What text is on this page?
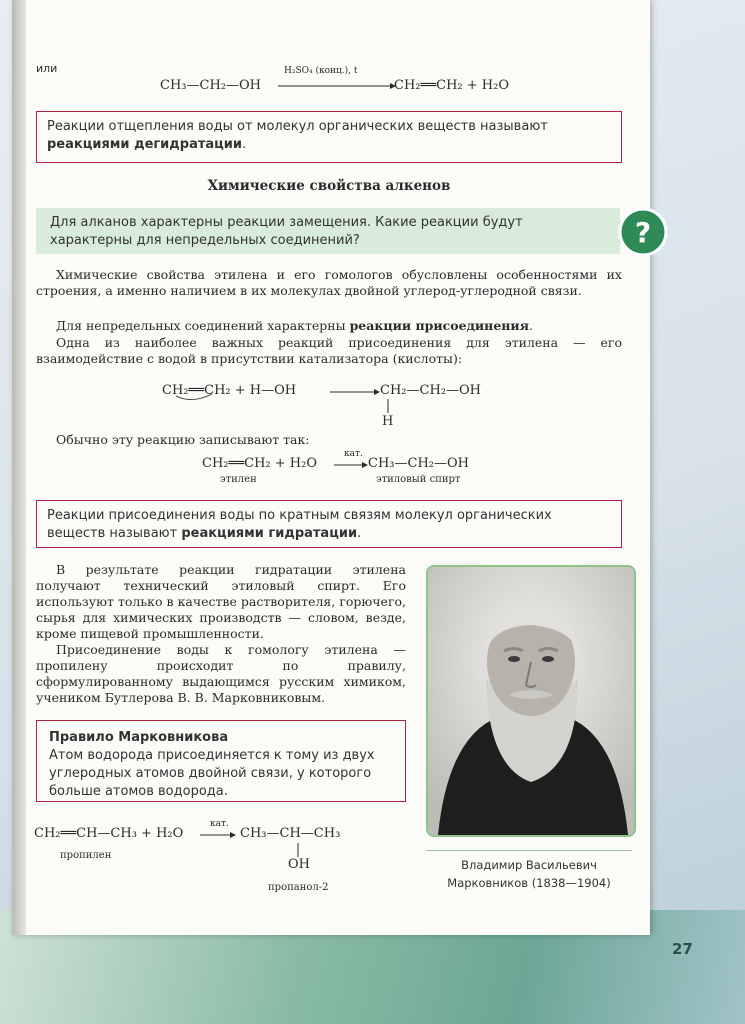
или
CH₃—CH₂—OH
H₂SO₄ (конц.), t
CH₂══CH₂ + H₂O
Реакции отщепления воды от молекул органических веществ называют реакциями дегидратации.
Химические свойства алкенов
Для алканов характерны реакции замещения. Какие реакции будут характерны для непредельных соединений?	?
Химические свойства этилена и его гомологов обусловлены особенностями их строения, а именно наличием в их молекулах двойной углерод-углеродной связи.
Для непредельных соединений характерны реакции присоединения.
Одна из наиболее важных реакций присоединения для этилена — его взаимодействие с водой в присутствии катализатора (кислоты):
CH₂══CH₂ + H—OH → CH₂—CH₂—OH
H
Обычно эту реакцию записывают так:
CH₂══CH₂ + H₂O
кат.
→ CH₃—CH₂—OH
этилен	этиловый спирт
Реакции присоединения воды по кратным связям молекул органических веществ называют реакциями гидратации.
В результате реакции гидратации этилена получают технический этиловый спирт. Его используют только в качестве растворителя, горючего, сырья для химических производств — словом, везде, кроме пищевой промышленности.
Присоединение воды к гомологу этилена — пропилену происходит по правилу, сформулированному выдающимся русским химиком, учеником Бутлерова В. В. Марковниковым.
Правило Марковникова
Атом водорода присоединяется к тому из двух углеродных атомов двойной связи, у которого больше атомов водорода.
CH₂══CH—CH₃ + H₂O
кат.
→ CH₃—CH—CH₃
OH
пропилен
пропанол-2
Владимир Васильевич
Марковников (1838—1904)
27
